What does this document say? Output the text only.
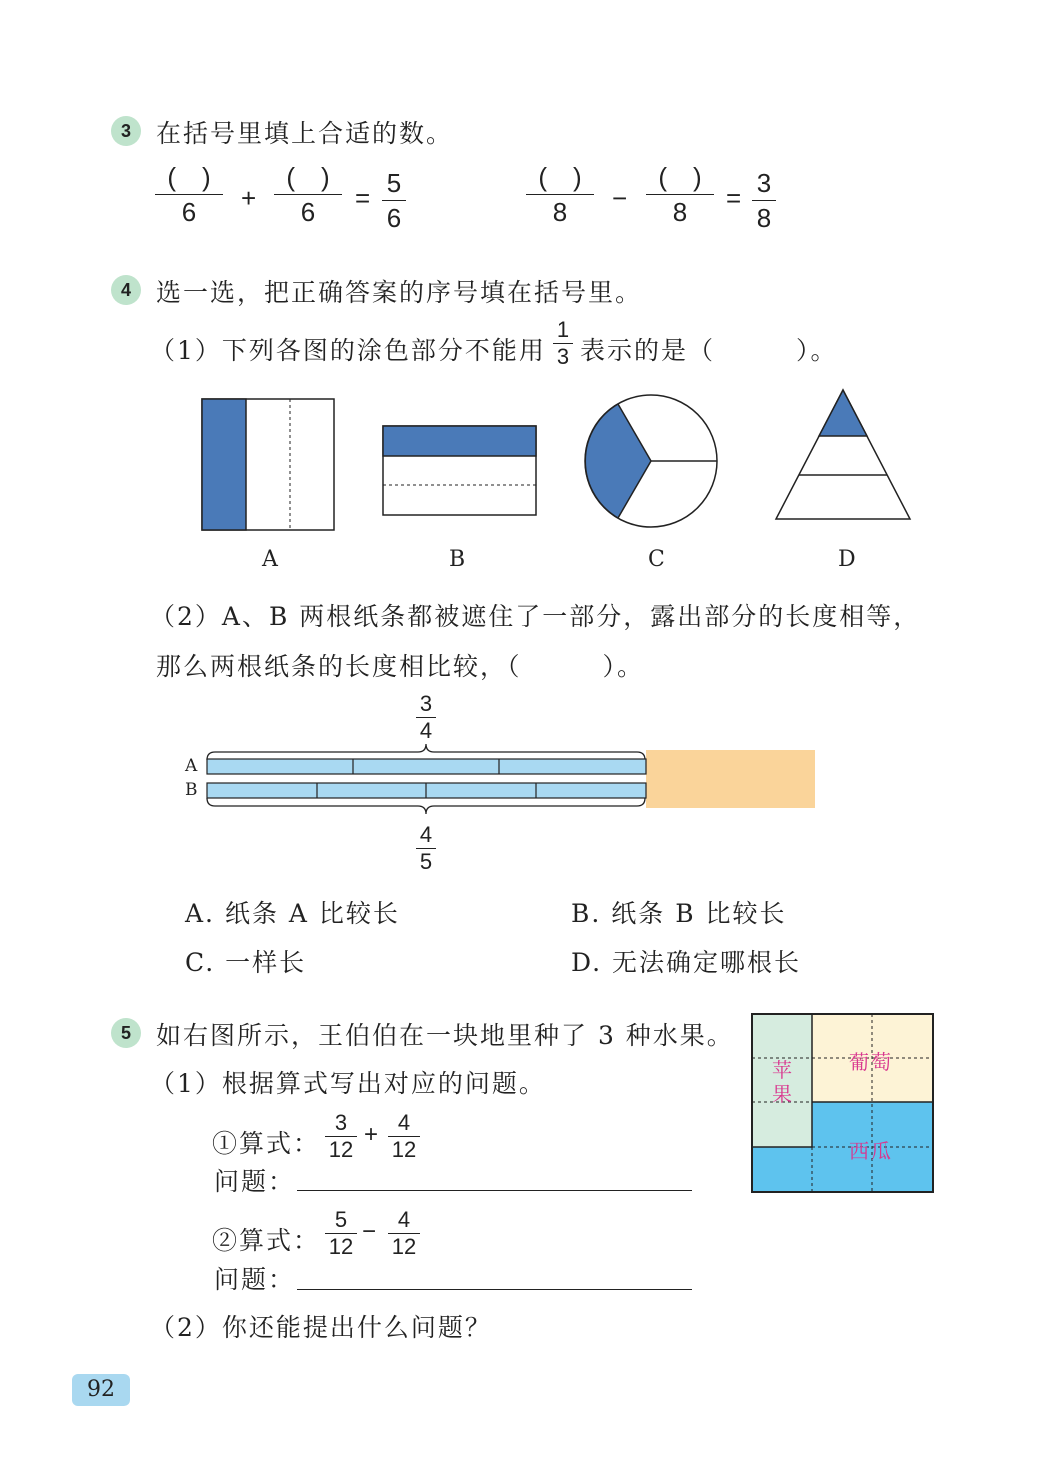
3	在括号里填上合适的数。
(　)
6	+
(　)
6	= 5
6
(　)
8	−
(　)
8	= 3
8
4	选一选，把正确答案的序号填在括号里。
（1）下列各图的涂色部分不能用
1
3 表示的是（　　　）。
A	B	C	D
（2）A、B 两根纸条都被遮住了一部分，露出部分的长度相等，
那么两根纸条的长度相比较，（　　　）。
3
4
A
B
4
5
A. 纸条 A 比较长	B. 纸条 B 比较长
C. 一样长	D. 无法确定哪根长
5	如右图所示，王伯伯在一块地里种了 3 种水果。
（1）根据算式写出对应的问题。
①算式：
3
12
+ 4
12
问题：
②算式：
5
12
− 4
12
问题：
（2）你还能提出什么问题？
苹
果
葡萄
西瓜
92
